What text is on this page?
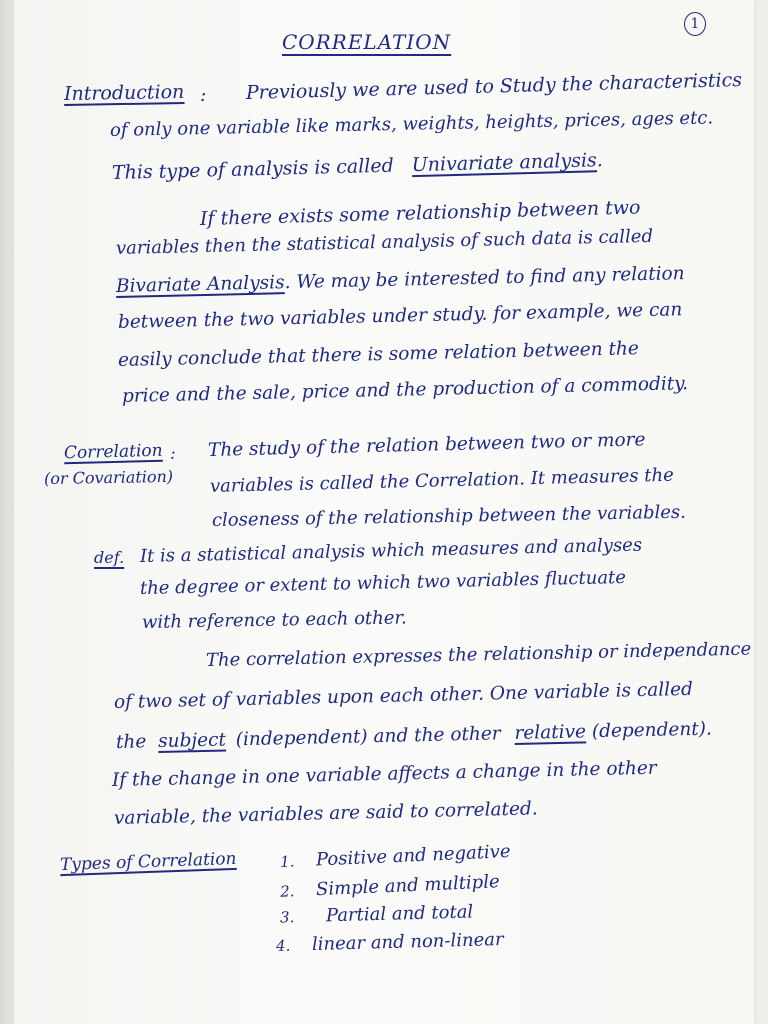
1
CORRELATION
Introduction : Previously we are used to Study the characteristics
of only one variable like marks, weights, heights, prices, ages etc.
This type of analysis is called Univariate analysis.
If there exists some relationship between two
variables then the statistical analysis of such data is called
Bivariate Analysis. We may be interested to find any relation
between the two variables under study. for example, we can
easily conclude that there is some relation between the
price and the sale, price and the production of a commodity.
Correlation :
(or Covariation)
The study of the relation between two or more
variables is called the Correlation. It measures the
closeness of the relationship between the variables.
def. It is a statistical analysis which measures and analyses
the degree or extent to which two variables fluctuate
with reference to each other.
The correlation expresses the relationship or independance
of two set of variables upon each other. One variable is called
the subject (independent) and the other relative (dependent).
If the change in one variable affects a change in the other
variable, the variables are said to correlated.
Types of Correlation	1. Positive and negative
2. Simple and multiple
3. Partial and total
4. linear and non-linear
